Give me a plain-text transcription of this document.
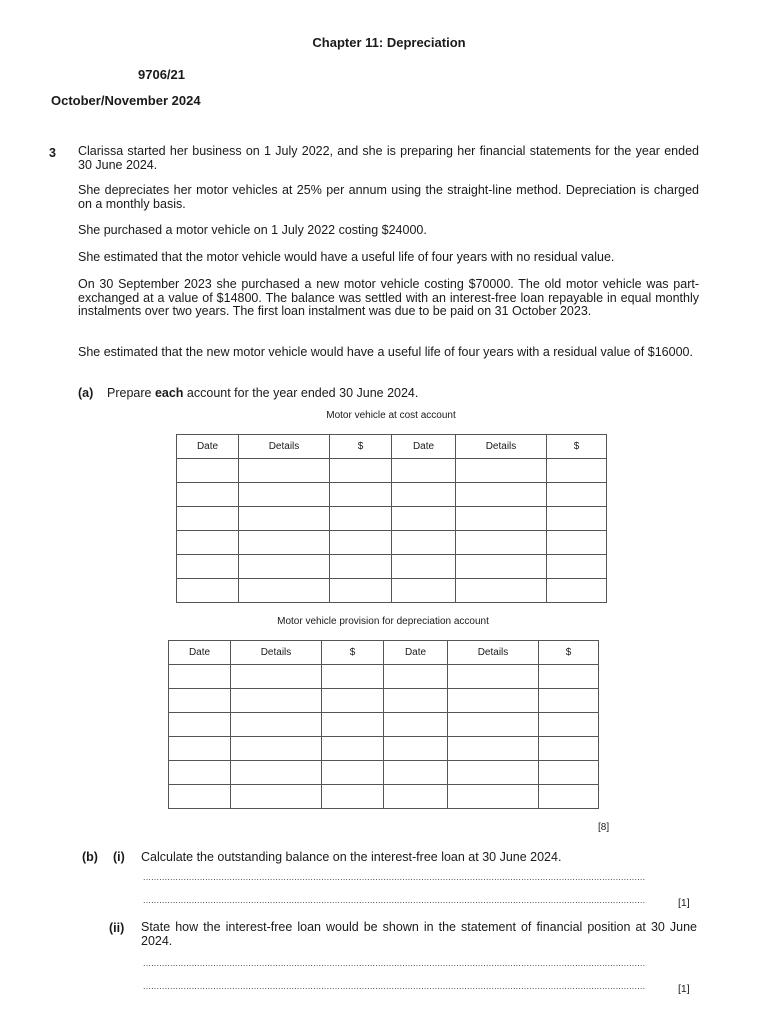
Chapter 11: Depreciation
9706/21
October/November 2024
3 Clarissa started her business on 1 July 2022, and she is preparing her financial statements for the year ended 30 June 2024.
She depreciates her motor vehicles at 25% per annum using the straight-line method. Depreciation is charged on a monthly basis.
She purchased a motor vehicle on 1 July 2022 costing $24000.
She estimated that the motor vehicle would have a useful life of four years with no residual value.
On 30 September 2023 she purchased a new motor vehicle costing $70000. The old motor vehicle was part-exchanged at a value of $14800. The balance was settled with an interest-free loan repayable in equal monthly instalments over two years. The first loan instalment was due to be paid on 31 October 2023.
She estimated that the new motor vehicle would have a useful life of four years with a residual value of $16000.
(a) Prepare each account for the year ended 30 June 2024.
Motor vehicle at cost account
Date	Details	$	Date	Details	$

Motor vehicle provision for depreciation account
Date	Details	$	Date	Details	$

[8]
(b) (i) Calculate the outstanding balance on the interest-free loan at 30 June 2024.
..........................................................................................................................................................................................
..........................................................................................................................................................................................	[1]
(ii) State how the interest-free loan would be shown in the statement of financial position at 30 June 2024.
..........................................................................................................................................................................................
..........................................................................................................................................................................................	[1]
